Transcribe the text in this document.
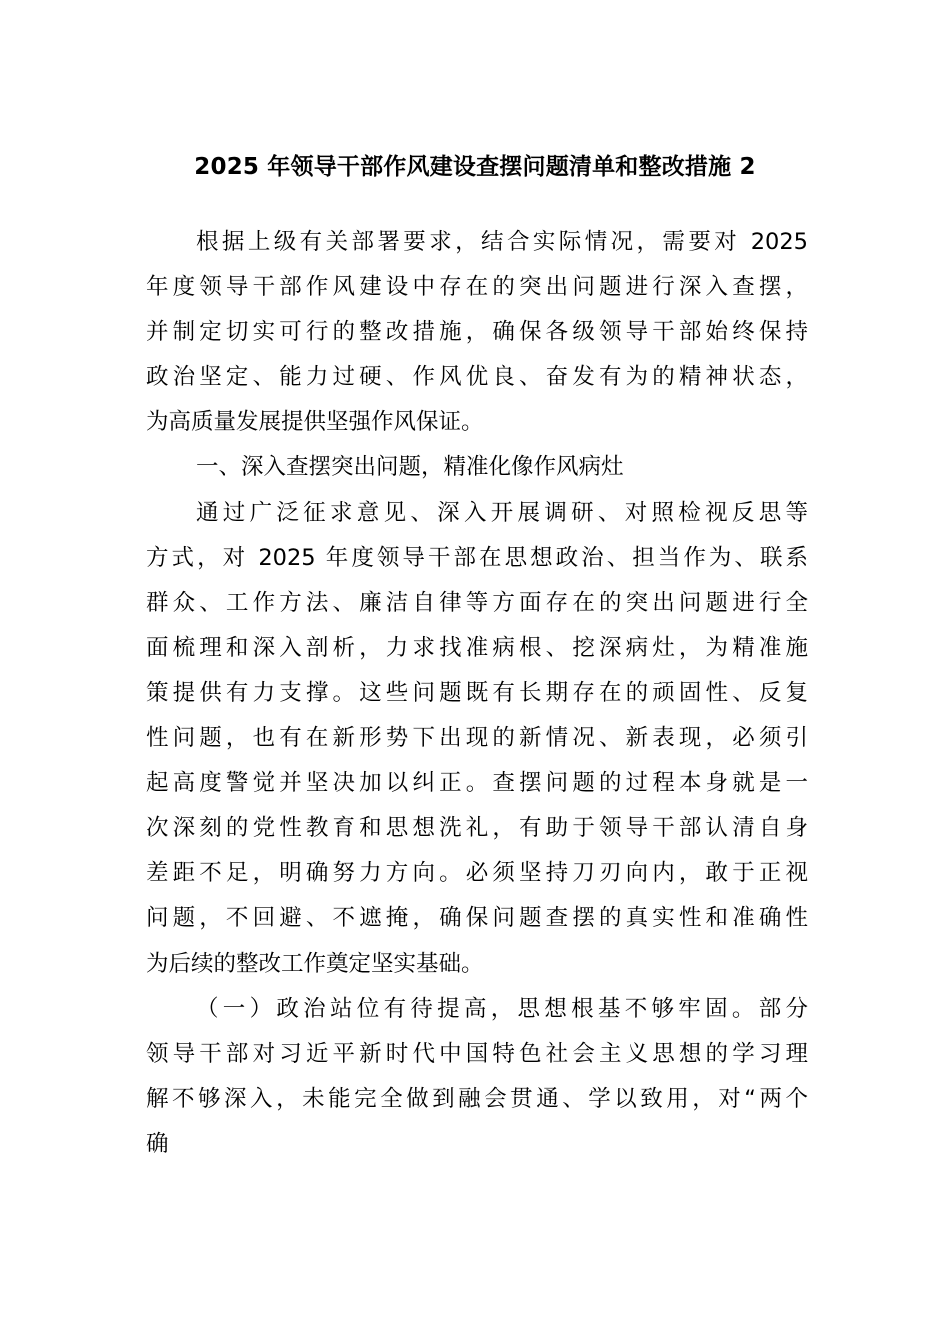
2025 年领导干部作风建设查摆问题清单和整改措施 2
根据上级有关部署要求，结合实际情况，需要对 2025
年度领导干部作风建设中存在的突出问题进行深入查摆，
并制定切实可行的整改措施，确保各级领导干部始终保持
政治坚定、能力过硬、作风优良、奋发有为的精神状态，
为高质量发展提供坚强作风保证。
一、深入查摆突出问题，精准化像作风病灶
通过广泛征求意见、深入开展调研、对照检视反思等
方式，对 2025 年度领导干部在思想政治、担当作为、联系
群众、工作方法、廉洁自律等方面存在的突出问题进行全
面梳理和深入剖析，力求找准病根、挖深病灶，为精准施
策提供有力支撑。这些问题既有长期存在的顽固性、反复
性问题，也有在新形势下出现的新情况、新表现，必须引
起高度警觉并坚决加以纠正。查摆问题的过程本身就是一
次深刻的党性教育和思想洗礼，有助于领导干部认清自身
差距不足，明确努力方向。必须坚持刀刃向内，敢于正视
问题，不回避、不遮掩，确保问题查摆的真实性和准确性
为后续的整改工作奠定坚实基础。
（一）政治站位有待提高，思想根基不够牢固。部分
领导干部对习近平新时代中国特色社会主义思想的学习理
解不够深入，未能完全做到融会贯通、学以致用，对“两个
确
